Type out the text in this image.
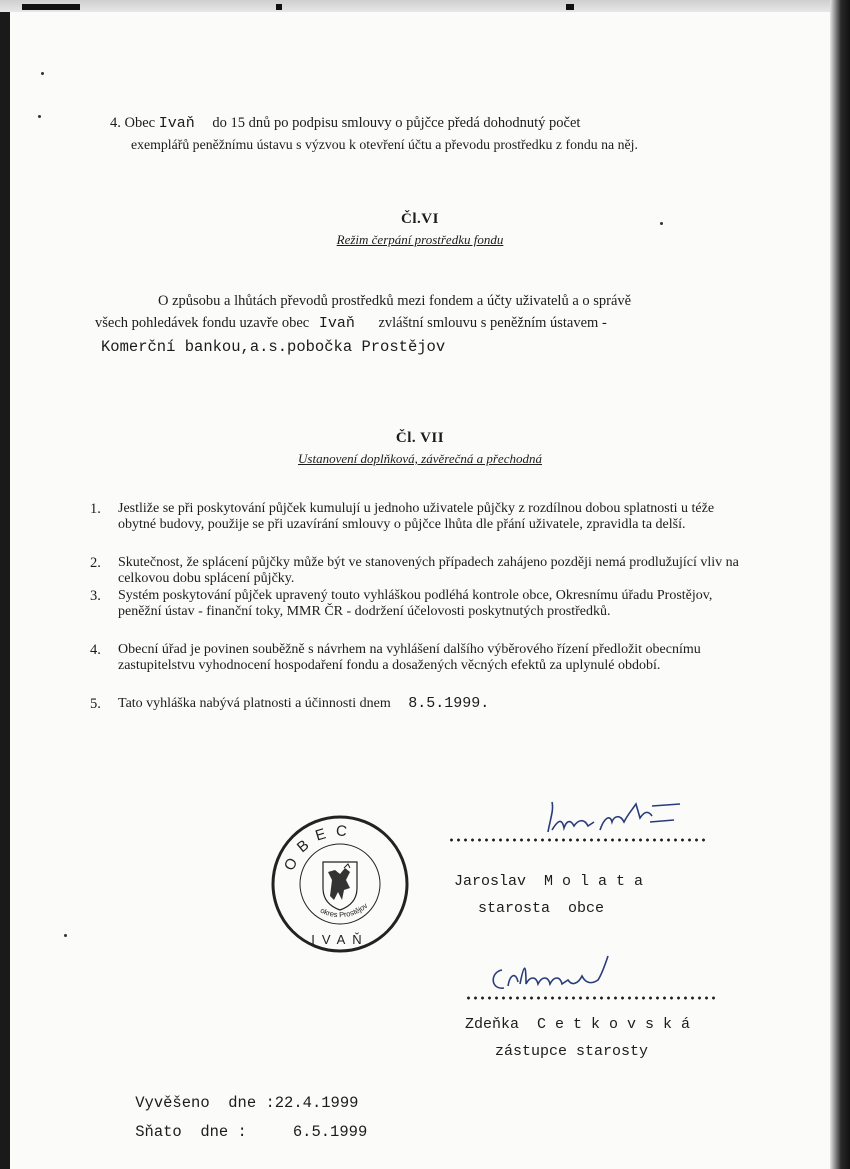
4. Obec Ivaň do 15 dnů po podpisu smlouvy o půjčce předá dohodnutý počet
exemplářů peněžnímu ústavu s výzvou k otevření účtu a převodu prostředku z fondu na něj.
Čl.VI
Režim čerpání prostředku fondu
O způsobu a lhůtách převodů prostředků mezi fondem a účty uživatelů a o správě
všech pohledávek fondu uzavře obec Ivaň zvláštní smlouvu s peněžním ústavem -
Komerční bankou,a.s.pobočka Prostějov
Čl. VII
Ustanovení doplňková, závěrečná a přechodná
1. Jestliže se při poskytování půjček kumulují u jednoho uživatele půjčky z rozdílnou dobou splatnosti u téže obytné budovy, použije se při uzavírání smlouvy o půjčce lhůta dle přání uživatele, zpravidla ta delší.
2. Skutečnost, že splácení půjčky může být ve stanovených případech zahájeno později nemá prodlužující vliv na celkovou dobu splácení půjčky.
3. Systém poskytování půjček upravený touto vyhláškou podléhá kontrole obce, Okresnímu úřadu Prostějov, peněžní ústav - finanční toky, MMR ČR - dodržení účelovosti poskytnutých prostředků.
4. Obecní úřad je povinen souběžně s návrhem na vyhlášení dalšího výběrového řízení předložit obecnímu zastupitelstvu vyhodnocení hospodaření fondu a dosažených věcných efektů za uplynulé období.
5. Tato vyhláška nabývá platnosti a účinnosti dnem 8.5.1999.
OBEC
okres Prostějov
IVAŇ
Jaroslav  M o l a t a
starosta  obce
Zdeňka  C e t k o v s k á
zástupce starosty

Vyvěšeno  dne :22.4.1999

Sňato  dne :	6.5.1999
